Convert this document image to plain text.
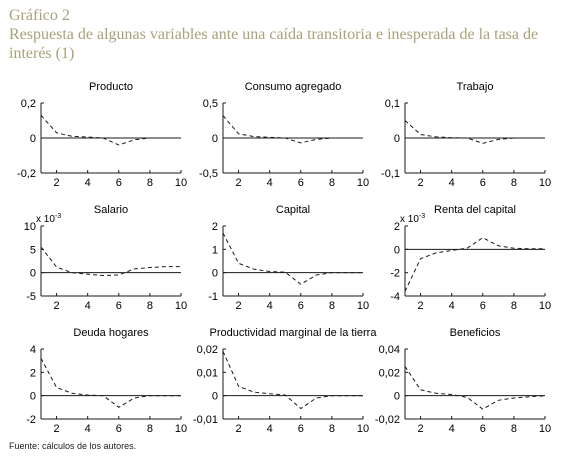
Gráfico 2
Respuesta de algunas variables ante una caída transitoria e inesperada de la tasa de interés (1)
Producto
0,2
0
-0,2
2 4 6 8 10
Consumo agregado
0,5
0
-0,5
2 4 6 8 10
Trabajo
0,1
0
-0,1
2 4 6 8 10
Salario
x $10^{-3}$
10
5
0
-5
2 4 6 8 10
Capital
2
1
0
-1
2 4 6 8 10
Renta del capital
x $10^{-3}$
2
0
-2
-4
2 4 6 8 10
Deuda hogares
4
2
0
-2
2 4 6 8 10
Productividad marginal de la tierra
0,02
0,01
0
-0,01
2 4 6 8 10
Beneficios
0,04
0,02
0
-0,02
2 4 6 8 10
Fuente: cálculos de los autores.
